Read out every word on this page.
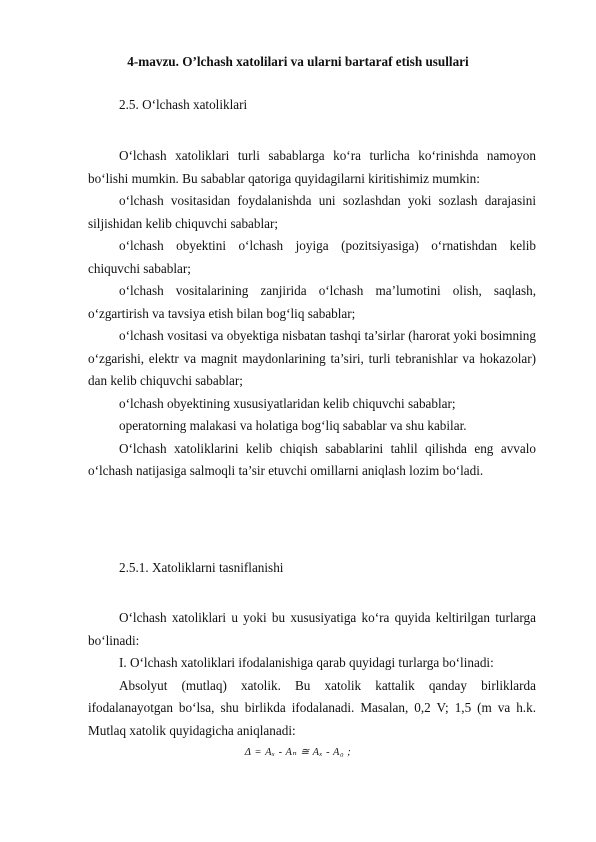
4-mavzu. O’lchash xatolilari va ularni bartaraf etish usullari
2.5. O‘lchash xatoliklari

O‘lchash xatoliklari turli sabablarga ko‘ra turlicha ko‘rinishda namoyon bo‘lishi mumkin. Bu sabablar qatoriga quyidagilarni kiritishimiz mumkin:

o‘lchash vositasidan foydalanishda uni sozlashdan yoki sozlash darajasini siljishidan kelib chiquvchi sabablar;

o‘lchash obyektini o‘lchash joyiga (pozitsiyasiga) o‘rnatishdan kelib chiquvchi sabablar;

o‘lchash vositalarining zanjirida o‘lchash ma’lumotini olish, saqlash, o‘zgartirish va tavsiya etish bilan bog‘liq sabablar;

o‘lchash vositasi va obyektiga nisbatan tashqi ta’sirlar (harorat yoki bosimning o‘zgarishi, elektr va magnit maydonlarining ta’siri, turli tebranishlar va hokazolar) dan kelib chiquvchi sabablar;

o‘lchash obyektining xususiyatlaridan kelib chiquvchi sabablar;

operatorning malakasi va holatiga bog‘liq sabablar va shu kabilar.

O‘lchash xatoliklarini kelib chiqish sabablarini tahlil qilishda eng avvalo o‘lchash natijasiga salmoqli ta’sir etuvchi omillarni aniqlash lozim bo‘ladi.

2.5.1. Xatoliklarni tasniflanishi

O‘lchash xatoliklari u yoki bu xususiyatiga ko‘ra quyida keltirilgan turlarga bo‘linadi:

I. O‘lchash xatoliklari ifodalanishiga qarab quyidagi turlarga bo‘linadi:

Absolyut (mutlaq) xatolik. Bu xatolik kattalik qanday birliklarda ifodalanayotgan bo‘lsa, shu birlikda ifodalanadi. Masalan, 0,2 V; 1,5 (m va h.k. Mutlaq xatolik quyidagicha aniqlanadi:

Δ = Aₓ - Aₙ ≅ Aₓ - A₀ ;
